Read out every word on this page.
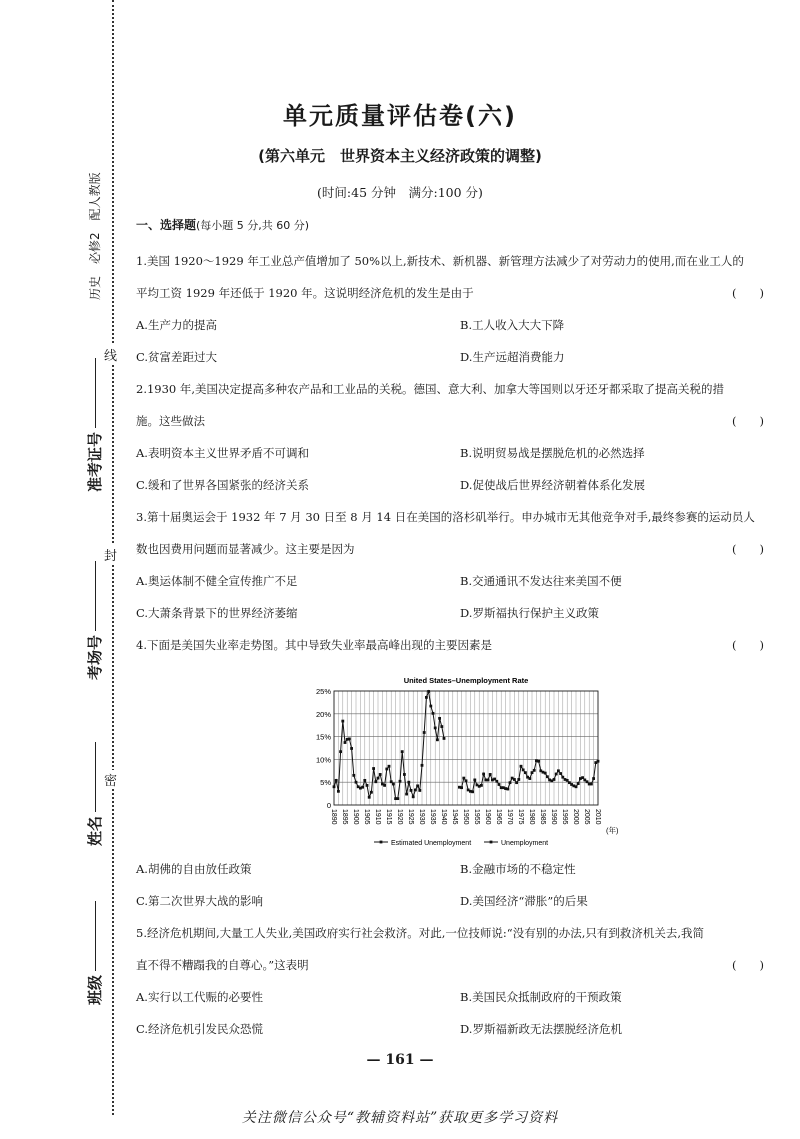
历史　必修2　配人教版
准考证号
考场号
姓名
班级
线
封
密
单元质量评估卷(六)
(第六单元　世界资本主义经济政策的调整)
(时间:45 分钟　满分:100 分)
一、选择题(每小题 5 分,共 60 分)
1.美国 1920～1929 年工业总产值增加了 50%以上,新技术、新机器、新管理方法减少了对劳动力的使用,而在业工人的
平均工资 1929 年还低于 1920 年。这说明经济危机的发生是由于	(　　)
A.生产力的提高	B.工人收入大大下降
C.贫富差距过大	D.生产远超消费能力
2.1930 年,美国决定提高多种农产品和工业品的关税。德国、意大利、加拿大等国则以牙还牙都采取了提高关税的措
施。这些做法	(　　)
A.表明资本主义世界矛盾不可调和	B.说明贸易战是摆脱危机的必然选择
C.缓和了世界各国紧张的经济关系	D.促使战后世界经济朝着体系化发展
3.第十届奥运会于 1932 年 7 月 30 日至 8 月 14 日在美国的洛杉矶举行。申办城市无其他竞争对手,最终参赛的运动员人
数也因费用问题而显著减少。这主要是因为	(　　)
A.奥运体制不健全宣传推广不足	B.交通通讯不发达往来美国不便
C.大萧条背景下的世界经济萎缩	D.罗斯福执行保护主义政策
4.下面是美国失业率走势图。其中导致失业率最高峰出现的主要因素是	(　　)
United States–Unemployment Rate
0
5%
10%
15%
20%
25%
1890 1895 1900 1905 1910 1915 1920 1925 1930 1935 1940 1945 1950 1955 1960 1965 1970 1975 1980 1985 1990 1995 2000 2005 2010
(年)
Estimated Unemployment	Unemployment
A.胡佛的自由放任政策	B.金融市场的不稳定性
C.第二次世界大战的影响	D.美国经济“滞胀”的后果
5.经济危机期间,大量工人失业,美国政府实行社会救济。对此,一位技师说:“没有别的办法,只有到救济机关去,我简
直不得不糟蹋我的自尊心。”这表明	(　　)
A.实行以工代赈的必要性	B.美国民众抵制政府的干预政策
C.经济危机引发民众恐慌	D.罗斯福新政无法摆脱经济危机
— 161 —
关注微信公众号“教辅资料站”获取更多学习资料
